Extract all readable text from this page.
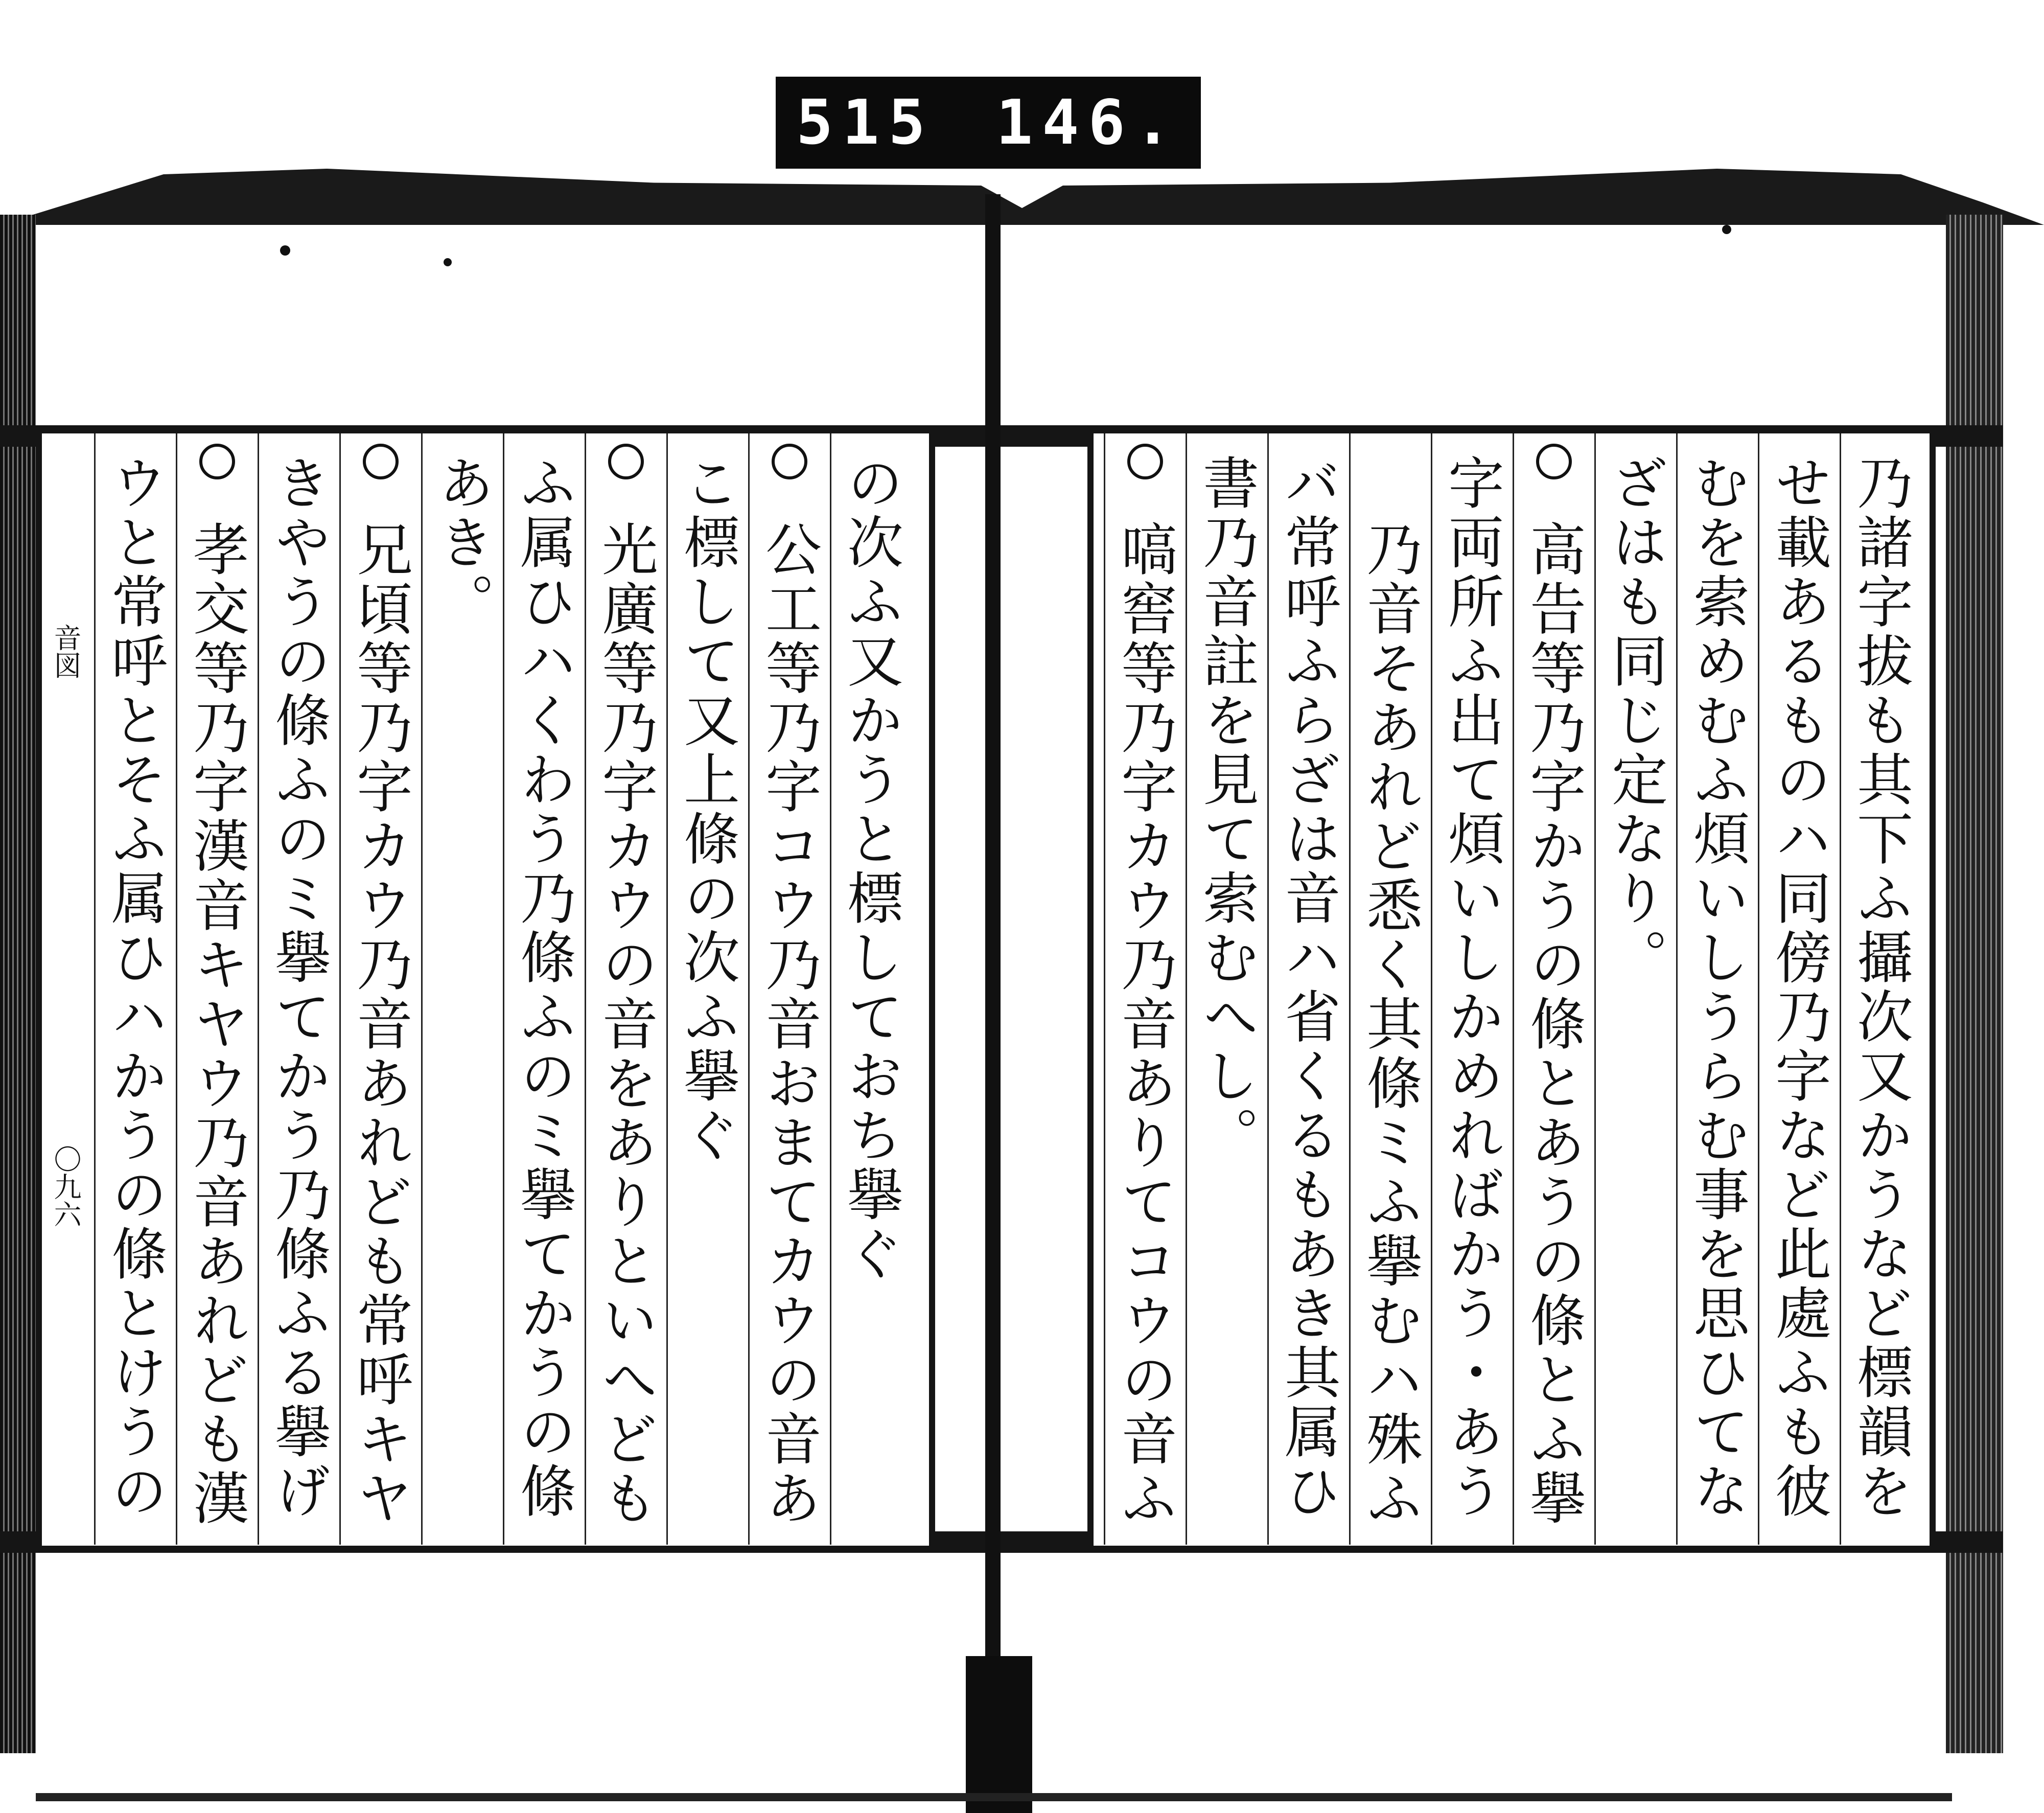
515 146.
の次ふ又かうと標しておち擧ぐ
公工等乃字コウ乃音おまてカウの音あ
こ標して又上條の次ふ擧ぐ
光廣等乃字カウの音をありといへども
ふ属ひハくわう乃條ふのミ擧てかうの條
あき。
兄頃等乃字カウ乃音あれども常呼キヤ
きやうの條ふのミ擧てかう乃條ふる擧げ
孝交等乃字漢音キヤウ乃音あれども漢
ウと常呼とそふ属ひハかうの條とけうの
音図
〇九六
乃諸字拔も其下ふ攝次又かうなど標韻を
せ載あるものハ同傍乃字など此處ふも彼
むを索めむふ煩いしうらむ事を思ひてな
ざはも同じ定なり。
高告等乃字かうの條とあうの條とふ擧
字両所ふ出て煩いしかめればかう・あう
乃音そあれど悉く其條ミふ擧むハ殊ふ
バ常呼ふらざは音ハ省くるもあき其属ひ
書乃音註を見て索むへし。
嗃窖等乃字カウ乃音ありてコウの音ふ
